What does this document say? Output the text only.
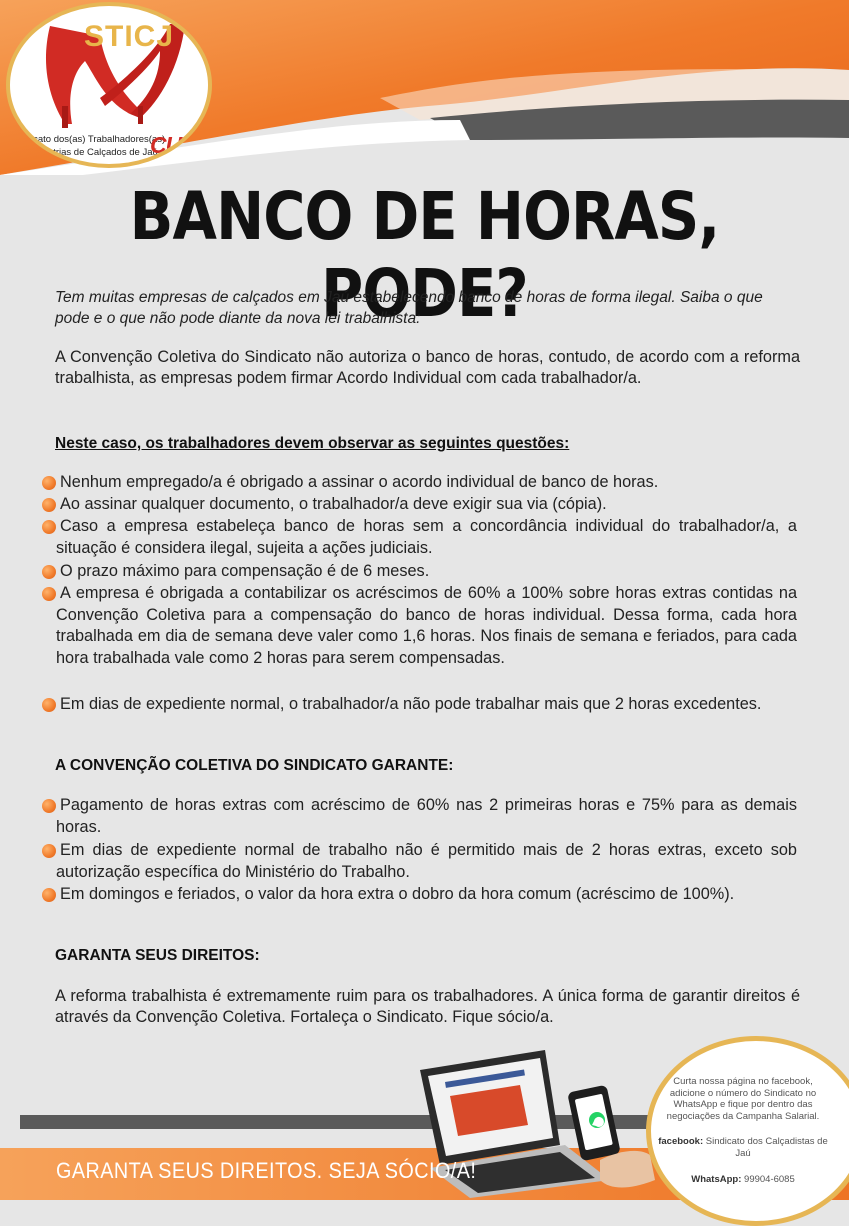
STICJ
Sindicato dos(as) Trabalhadores(as)
nas Indústrias de Calçados de Jaú
CUT Brasil
BANCO DE HORAS, PODE?
Tem muitas empresas de calçados em Jaú estabelecendo banco de horas de forma ilegal. Saiba o que pode e o que não pode diante da nova lei trabalhista:
A Convenção Coletiva do Sindicato não autoriza o banco de horas, contudo, de acordo com a reforma trabalhista, as empresas podem firmar Acordo Individual com cada trabalhador/a.
Neste caso, os trabalhadores devem observar as seguintes questões:
Nenhum empregado/a é obrigado a assinar o acordo individual de banco de horas.
Ao assinar qualquer documento, o trabalhador/a deve exigir sua via (cópia).
Caso a empresa estabeleça banco de horas sem a concordância individual do trabalhador/a, a situação é considera ilegal, sujeita a ações judiciais.
O prazo máximo para compensação é de 6 meses.
A empresa é obrigada a contabilizar os acréscimos de 60% a 100% sobre horas extras contidas na Convenção Coletiva para a compensação do banco de horas individual. Dessa forma, cada hora trabalhada em dia de semana deve valer como 1,6 horas. Nos finais de semana e feriados, para cada hora trabalhada vale como 2 horas para serem compensadas.
Em dias de expediente normal, o trabalhador/a não pode trabalhar mais que 2 horas excedentes.
A CONVENÇÃO COLETIVA DO SINDICATO GARANTE:
Pagamento de horas extras com acréscimo de 60% nas 2 primeiras horas e 75% para as demais horas.
Em dias de expediente normal de trabalho não é permitido mais de 2 horas extras, exceto sob autorização específica do Ministério do Trabalho.
Em domingos e feriados, o valor da hora extra o dobro da hora comum (acréscimo de 100%).
GARANTA SEUS DIREITOS:
A reforma trabalhista é extremamente ruim para os trabalhadores. A única forma de garantir direitos é através da Convenção Coletiva. Fortaleça o Sindicato. Fique sócio/a.
GARANTA SEUS DIREITOS. SEJA SÓCIO/A!
Curta nossa página no facebook, adicione o número do Sindicato no WhatsApp e fique por dentro das negociações da Campanha Salarial.
facebook: Sindicato dos Calçadistas de Jaú
WhatsApp: 99904-6085
